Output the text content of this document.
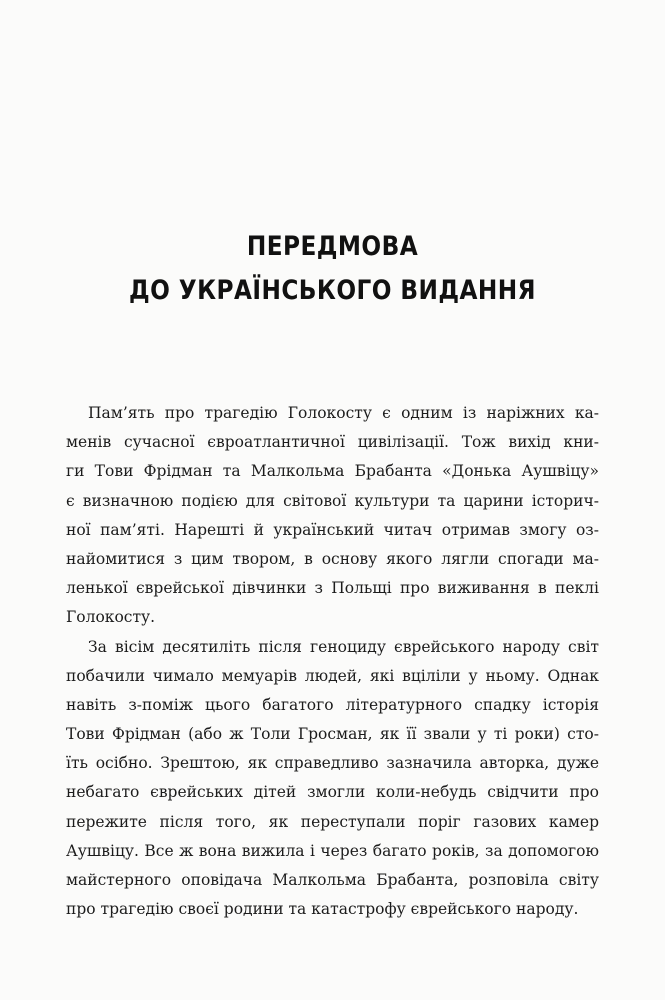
ПЕРЕДМОВА
ДО УКРАЇНСЬКОГО ВИДАННЯ
Пам’ять про трагедію Голокосту є одним із наріжних ка-
менів сучасної євроатлантичної цивілізації. Тож вихід кни-
ги Тови Фрідман та Малкольма Брабанта «Донька Аушвіцу»
є визначною подією для світової культури та царини історич-
ної пам’яті. Нарешті й український читач отримав змогу оз-
найомитися з цим твором, в основу якого лягли спогади ма-
ленької єврейської дівчинки з Польщі про виживання в пеклі
Голокосту.
За вісім десятиліть після геноциду єврейського народу світ
побачили чимало мемуарів людей, які вціліли у ньому. Однак
навіть з-поміж цього багатого літературного спадку історія
Тови Фрідман (або ж Толи Гросман, як її звали у ті роки) сто-
їть осібно. Зрештою, як справедливо зазначила авторка, дуже
небагато єврейських дітей змогли коли-небудь свідчити про
пережите після того, як переступали поріг газових камер
Аушвіцу. Все ж вона вижила і через багато років, за допомогою
майстерного оповідача Малкольма Брабанта, розповіла світу
про трагедію своєї родини та катастрофу єврейського народу.
